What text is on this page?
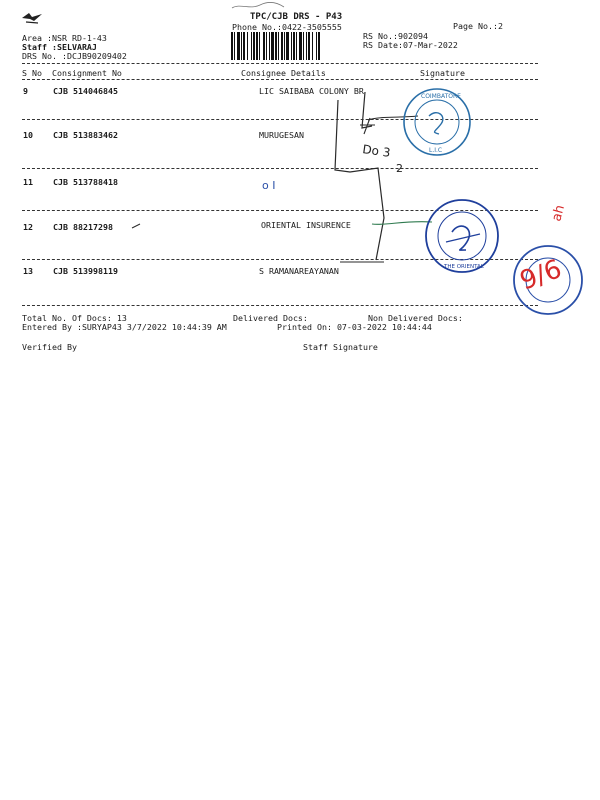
TPC/CJB DRS - P43
Phone No.:0422-3505555	Page No.:2
Area :NSR RD-1-43
Staff :SELVARAJ
DRS No. :DCJB90209402
RS No.:902094
RS Date:07-Mar-2022
S No Consignment No	Consignee Details	Signature
9	CJB 514046845	LIC SAIBABA COLONY BR
10 CJB 513883462	MURUGESAN
11 CJB 513788418
12 CJB 88217298	ORIENTAL INSURENCE
13 CJB 513998119	S RAMANAREAYANAN
Total No. Of Docs: 13	Delivered Docs:	Non Delivered Docs:
Entered By :SURYAP43 3/7/2022 10:44:39 AM	Printed On: 07-03-2022 10:44:44
Verified By	Staff Signature
Do 3
2
o I
ah
COIMBATORE
L.I.C
THE ORIENTAL 9/6
